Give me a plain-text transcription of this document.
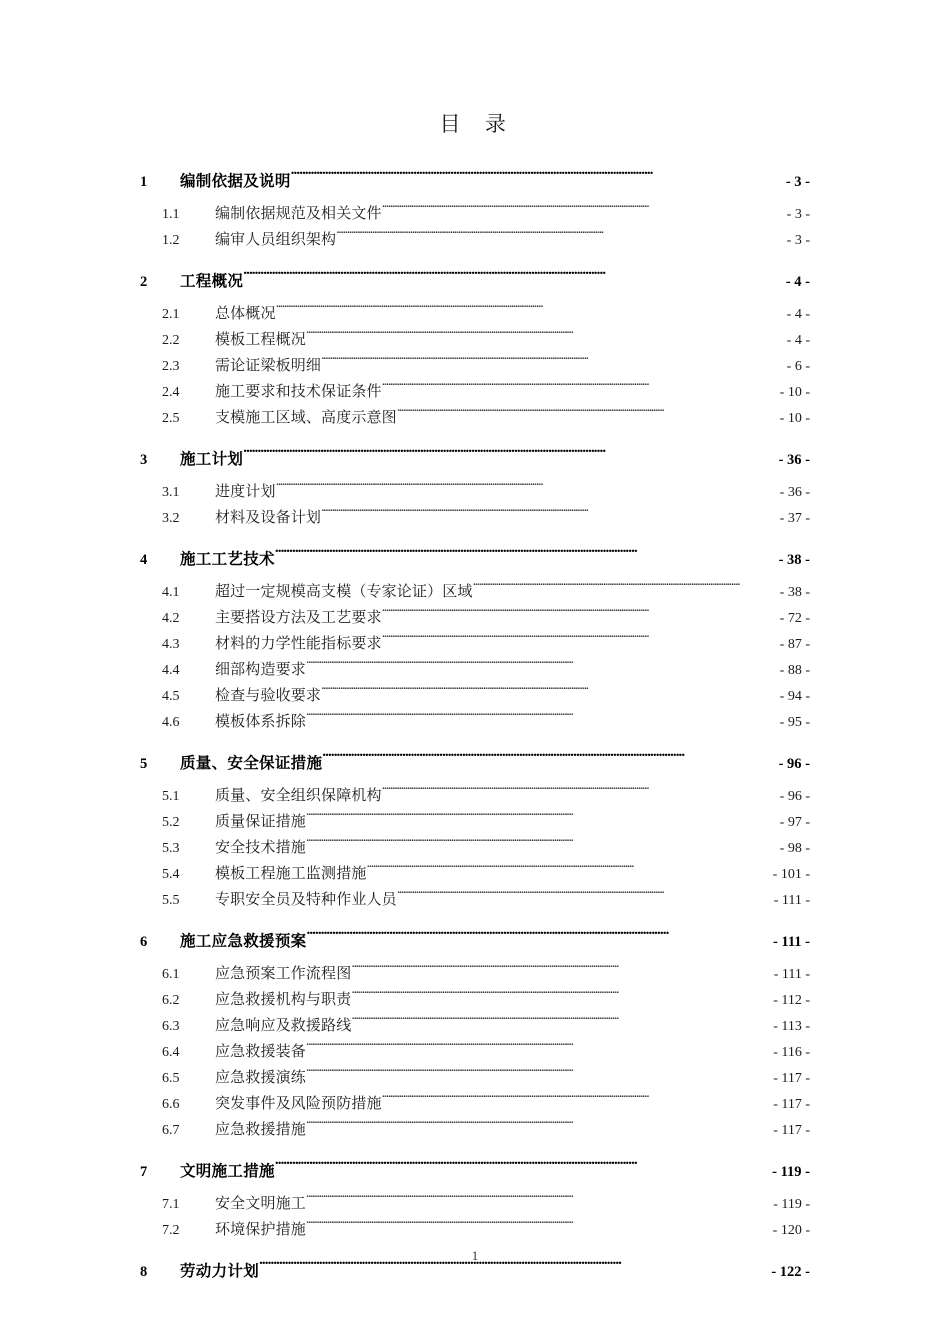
目  录
1	编制依据及说明 . . .	- 3 -
1.1	编制依据规范及相关文件 . . .	- 3 -
1.2	编审人员组织架构 . . .	- 3 -
2	工程概况 . . .	- 4 -
2.1	总体概况 . . .	- 4 -
2.2	模板工程概况 . . .	- 4 -
2.3	需论证梁板明细 . . .	- 6 -
2.4	施工要求和技术保证条件 . . .	- 10 -
2.5	支模施工区域、高度示意图 . . .	- 10 -
3	施工计划 . . .	- 36 -
3.1	进度计划 . . .	- 36 -
3.2	材料及设备计划 . . .	- 37 -
4	施工工艺技术 . . .	- 38 -
4.1	超过一定规模高支模（专家论证）区域 . . .	- 38 -
4.2	主要搭设方法及工艺要求 . . .	- 72 -
4.3	材料的力学性能指标要求 . . .	- 87 -
4.4	细部构造要求 . . .	- 88 -
4.5	检查与验收要求 . . .	- 94 -
4.6	模板体系拆除 . . .	- 95 -
5	质量、安全保证措施 . . .	- 96 -
5.1	质量、安全组织保障机构 . . .	- 96 -
5.2	质量保证措施 . . .	- 97 -
5.3	安全技术措施 . . .	- 98 -
5.4	模板工程施工监测措施 . . .	- 101 -
5.5	专职安全员及特种作业人员 . . .	- 111 -
6	施工应急救援预案 . . .	- 111 -
6.1	应急预案工作流程图 . . .	- 111 -
6.2	应急救援机构与职责 . . .	- 112 -
6.3	应急响应及救援路线 . . .	- 113 -
6.4	应急救援装备 . . .	- 116 -
6.5	应急救援演练 . . .	- 117 -
6.6	突发事件及风险预防措施 . . .	- 117 -
6.7	应急救援措施 . . .	- 117 -
7	文明施工措施 . . .	- 119 -
7.1	安全文明施工 . . .	- 119 -
7.2	环境保护措施 . . .	- 120 -
8	劳动力计划 . . .	- 122 -
1
